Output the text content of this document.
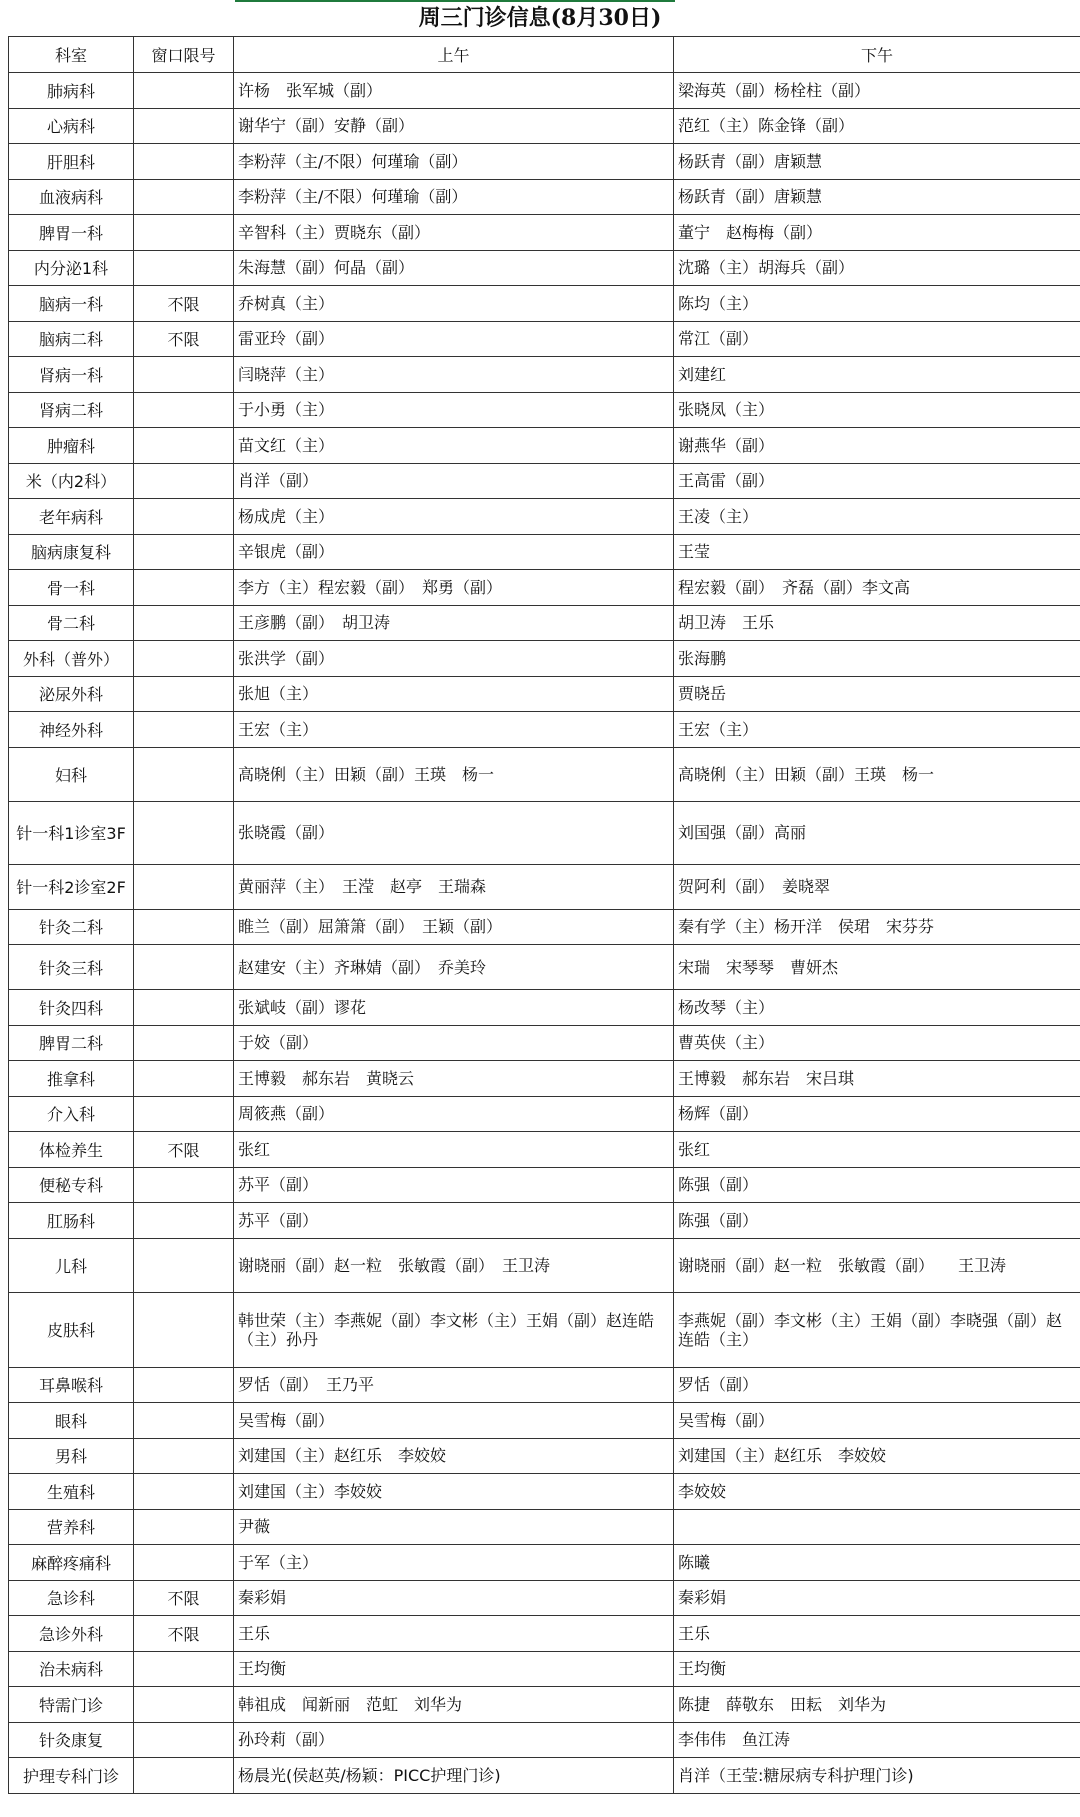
周三门诊信息(8月30日)
科室	窗口限号	上午	下午
肺病科		许杨　张军城（副）	梁海英（副）杨栓柱（副）
心病科		谢华宁（副）安静（副）	范红（主）陈金锋（副）
肝胆科		李粉萍（主/不限）何瑾瑜（副）	杨跃青（副）唐颖慧
血液病科		李粉萍（主/不限）何瑾瑜（副）	杨跃青（副）唐颖慧
脾胃一科		辛智科（主）贾晓东（副）	董宁　赵梅梅（副）
内分泌1科		朱海慧（副）何晶（副）	沈璐（主）胡海兵（副）
脑病一科	不限	乔树真（主）	陈均（主）
脑病二科	不限	雷亚玲（副）	常江（副）
肾病一科		闫晓萍（主）	刘建红
肾病二科		于小勇（主）	张晓凤（主）
肿瘤科		苗文红（主）	谢燕华（副）
米（内2科）		肖洋（副）	王高雷（副）
老年病科		杨成虎（主）	王凌（主）
脑病康复科		辛银虎（副）	王莹
骨一科		李方（主）程宏毅（副）　郑勇（副）	程宏毅（副）　齐磊（副）李文高
骨二科		王彦鹏（副）　胡卫涛	胡卫涛　王乐
外科（普外）		张洪学（副）	张海鹏
泌尿外科		张旭（主）	贾晓岳
神经外科		王宏（主）	王宏（主）
妇科		高晓俐（主）田颖（副）王瑛　杨一	高晓俐（主）田颖（副）王瑛　杨一
针一科1诊室3F		张晓霞（副）	刘国强（副）高丽
针一科2诊室2F		黄丽萍（主）　王滢　赵亭　王瑞森	贺阿利（副）　姜晓翠
针灸二科		睢兰（副）屈箫箫（副）　王颖（副）	秦有学（主）杨开洋　侯珺　宋芬芬
针灸三科		赵建安（主）齐琳婧（副）　乔美玲	宋瑞　宋琴琴　曹妍杰
针灸四科		张斌岐（副）谬花	杨改琴（主）
脾胃二科		于姣（副）	曹英侠（主）
推拿科		王博毅　郝东岩　黄晓云	王博毅　郝东岩　宋吕琪
介入科		周筱燕（副）	杨辉（副）
体检养生	不限	张红	张红
便秘专科		苏平（副）	陈强（副）
肛肠科		苏平（副）	陈强（副）
儿科		谢晓丽（副）赵一粒　张敏霞（副）　王卫涛	谢晓丽（副）赵一粒　张敏霞（副）　　王卫涛
皮肤科		韩世荣（主）李燕妮（副）李文彬（主）王娟（副）赵连皓（主）孙丹	李燕妮（副）李文彬（主）王娟（副）李晓强（副）赵连皓（主）
耳鼻喉科		罗恬（副）　王乃平	罗恬（副）
眼科		吴雪梅（副）	吴雪梅（副）
男科		刘建国（主）赵红乐　李姣姣	刘建国（主）赵红乐　李姣姣
生殖科		刘建国（主）李姣姣	李姣姣
营养科		尹薇	
麻醉疼痛科		于军（主）	陈曦
急诊科	不限	秦彩娟	秦彩娟
急诊外科	不限	王乐	王乐
治未病科		王均衡	王均衡
特需门诊		韩祖成　闻新丽　范虹　刘华为	陈捷　薛敬东　田耘　刘华为
针灸康复		孙玲莉（副）	李伟伟　鱼江涛
护理专科门诊		杨晨光(侯赵英/杨颖：PICC护理门诊)	肖洋（王莹:糖尿病专科护理门诊)
